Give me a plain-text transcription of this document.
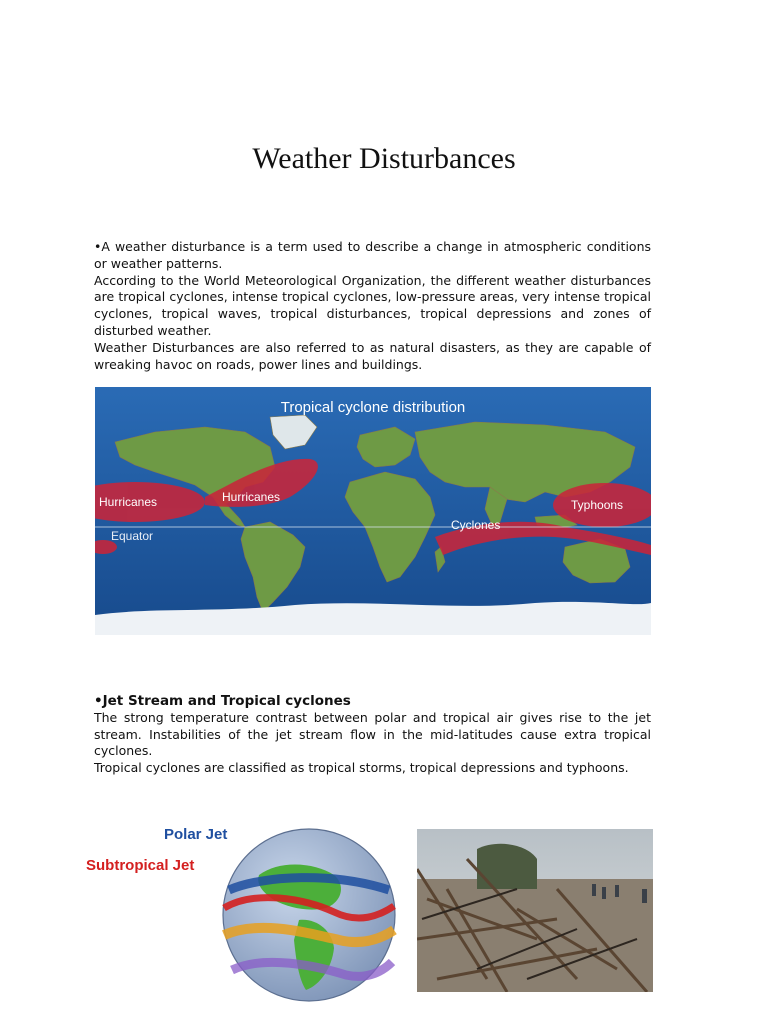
Weather Disturbances

•A weather disturbance is a term used to describe a change in atmospheric conditions or weather patterns.

According to the World Meteorological Organization, the different weather disturbances are tropical cyclones, intense tropical cyclones, low-pressure areas, very intense tropical cyclones, tropical waves, tropical disturbances, tropical depressions and zones of disturbed weather.

Weather Disturbances are also referred to as natural disasters, as they are capable of wreaking havoc on roads, power lines and buildings.

Tropical cyclone distribution
Hurricanes	Hurricanes
Typhoons
Cyclones
Equator

•Jet Stream and Tropical cyclones

The strong temperature contrast between polar and tropical air gives rise to the jet stream. Instabilities of the jet stream flow in the mid-latitudes cause extra tropical cyclones.

Tropical cyclones are classified as tropical storms, tropical depressions and typhoons.

Polar Jet
Subtropical Jet
